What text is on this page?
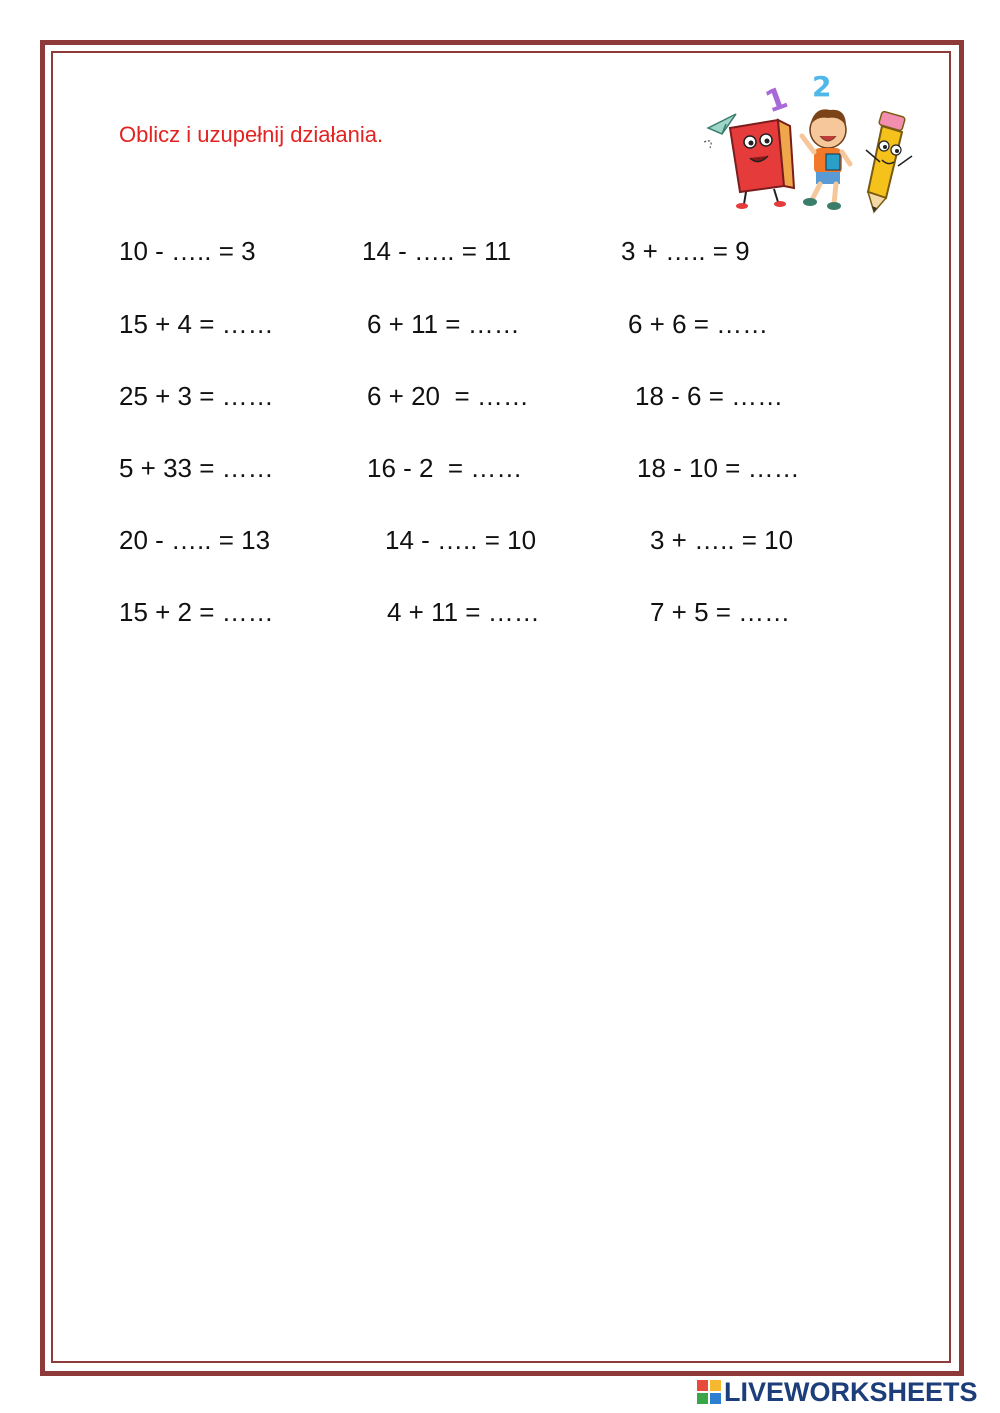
Oblicz i uzupełnij działania.
1 2
10 - ….. = 3	14 - ….. = 11	3 + ….. = 9
15 + 4 = ……	6 + 11 = ……	6 + 6 = ……
25 + 3 = ……	6 + 20  = ……	18 - 6 = ……
5 + 33 = ……	16 - 2  = ……	18 - 10 = ……
20 - ….. = 13	14 - ….. = 10	3 + ….. = 10
15 + 2 = ……	4 + 11 = ……	7 + 5 = ……
LIVEWORKSHEETS
